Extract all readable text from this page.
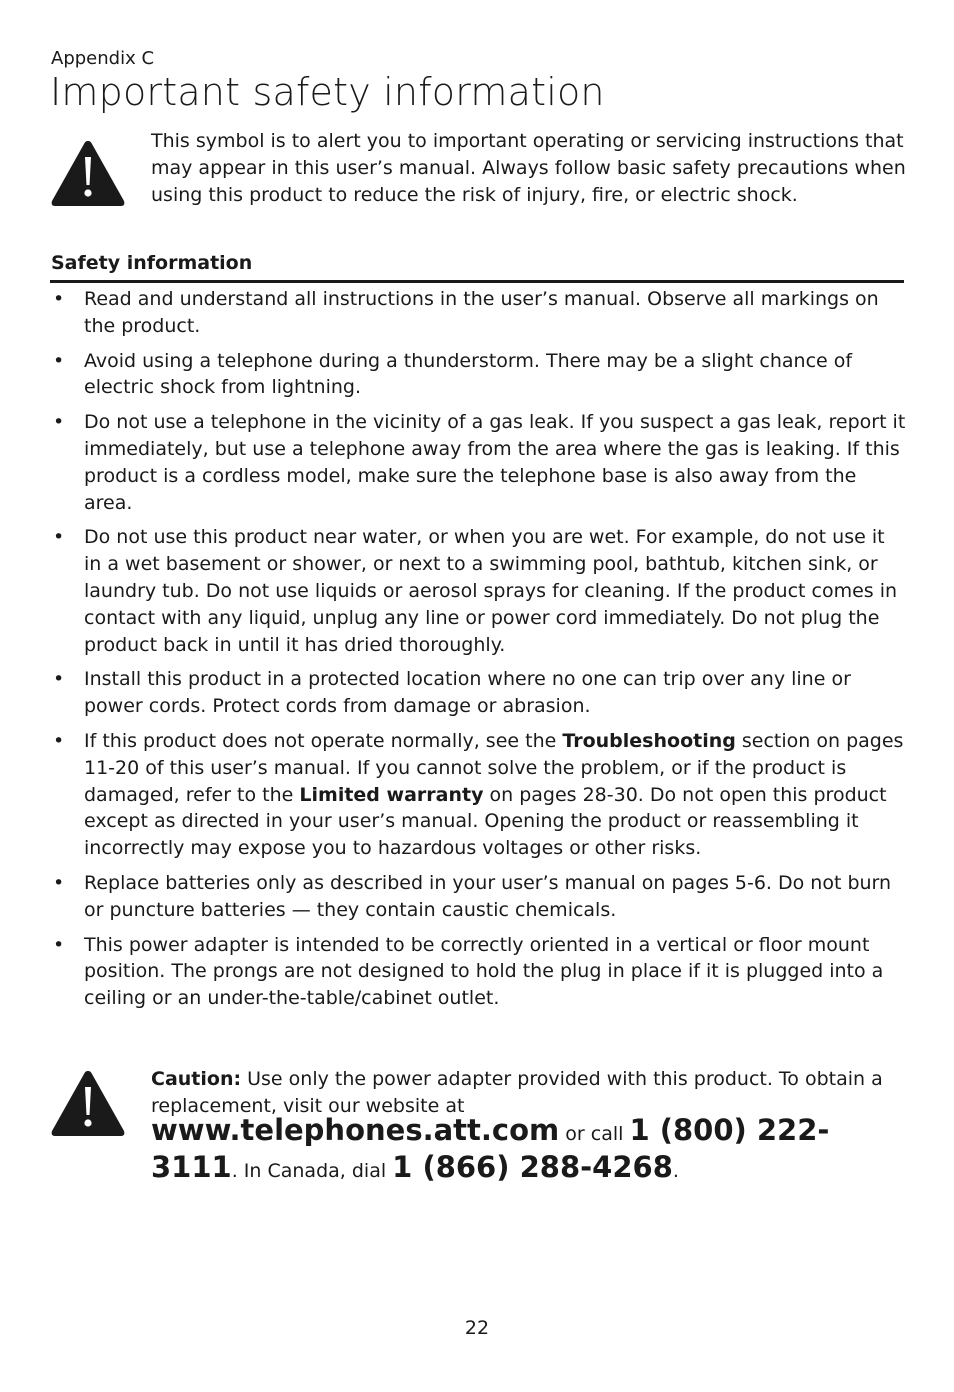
Appendix C
Important safety information

This symbol is to alert you to important operating or servicing instructions that may appear in this user’s manual. Always follow basic safety precautions when using this product to reduce the risk of injury, fire, or electric shock.

Safety information
• Read and understand all instructions in the user’s manual. Observe all markings on the product.
• Avoid using a telephone during a thunderstorm. There may be a slight chance of electric shock from lightning.
• Do not use a telephone in the vicinity of a gas leak. If you suspect a gas leak, report it immediately, but use a telephone away from the area where the gas is leaking. If this product is a cordless model, make sure the telephone base is also away from the area.
• Do not use this product near water, or when you are wet. For example, do not use it in a wet basement or shower, or next to a swimming pool, bathtub, kitchen sink, or laundry tub. Do not use liquids or aerosol sprays for cleaning. If the product comes in contact with any liquid, unplug any line or power cord immediately. Do not plug the product back in until it has dried thoroughly.
• Install this product in a protected location where no one can trip over any line or power cords. Protect cords from damage or abrasion.
• If this product does not operate normally, see the Troubleshooting section on pages 11-20 of this user’s manual. If you cannot solve the problem, or if the product is damaged, refer to the Limited warranty on pages 28-30. Do not open this product except as directed in your user’s manual. Opening the product or reassembling it incorrectly may expose you to hazardous voltages or other risks.
• Replace batteries only as described in your user’s manual on pages 5-6. Do not burn or puncture batteries — they contain caustic chemicals.
• This power adapter is intended to be correctly oriented in a vertical or floor mount position. The prongs are not designed to hold the plug in place if it is plugged into a ceiling or an under-the-table/cabinet outlet.

Caution: Use only the power adapter provided with this product. To obtain a replacement, visit our website at

www.telephones.att.com or call 1 (800) 222-3111. In Canada, dial 1 (866) 288-4268.

22
